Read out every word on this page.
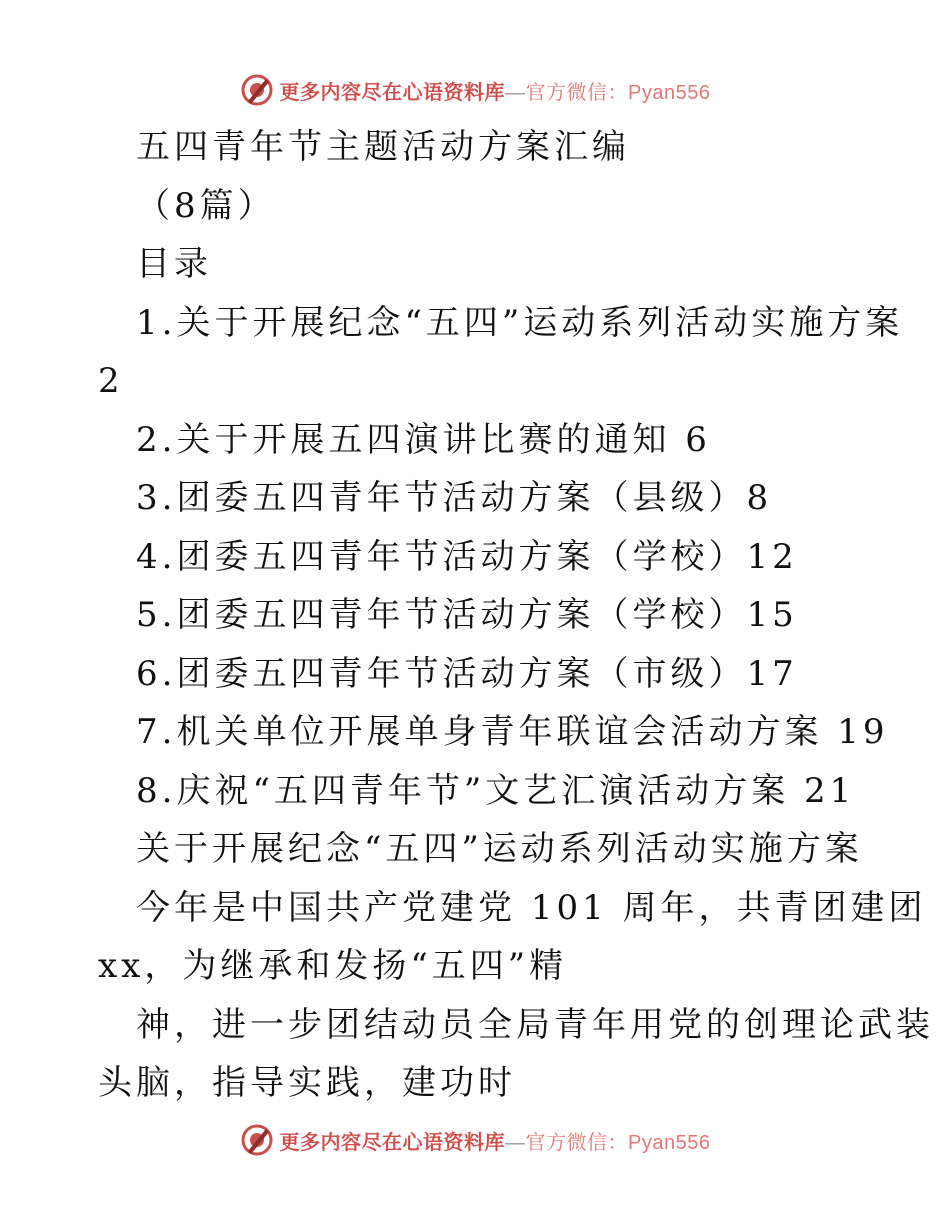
更多内容尽在心语资料库—官方微信：Pyan556
五四青年节主题活动方案汇编
（8篇）
目录
1.关于开展纪念“五四”运动系列活动实施方案
2
2.关于开展五四演讲比赛的通知 6
3.团委五四青年节活动方案（县级）8
4.团委五四青年节活动方案（学校）12
5.团委五四青年节活动方案（学校）15
6.团委五四青年节活动方案（市级）17
7.机关单位开展单身青年联谊会活动方案 19
8.庆祝“五四青年节”文艺汇演活动方案 21
关于开展纪念“五四”运动系列活动实施方案
今年是中国共产党建党 101 周年，共青团建团
xx，为继承和发扬“五四”精
神，进一步团结动员全局青年用党的创理论武装
头脑，指导实践，建功时
更多内容尽在心语资料库—官方微信：Pyan556
